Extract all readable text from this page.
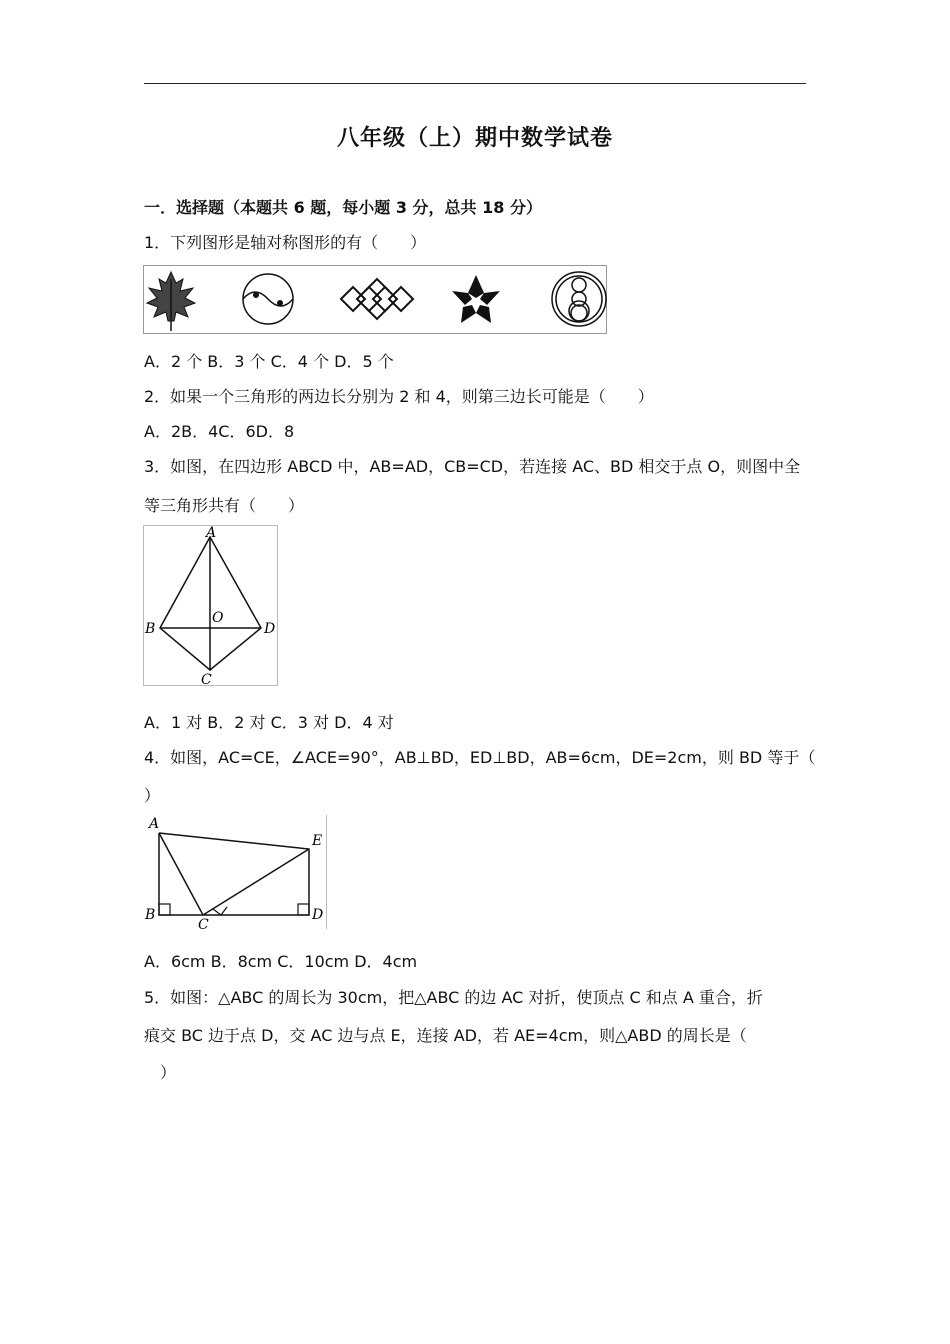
八年级（上）期中数学试卷
一．选择题（本题共 6 题，每小题 3 分，总共 18 分）
1．下列图形是轴对称图形的有（　　）
A．2 个 B．3 个 C．4 个 D．5 个
2．如果一个三角形的两边长分别为 2 和 4，则第三边长可能是（　　）
A．2B．4C．6D．8
3．如图，在四边形 ABCD 中，AB=AD，CB=CD，若连接 AC、BD 相交于点 O，则图中全
等三角形共有（　　）
A
B
C
D
O
A．1 对 B．2 对 C．3 对 D．4 对
4．如图，AC=CE，∠ACE=90°，AB⊥BD，ED⊥BD，AB=6cm，DE=2cm，则 BD 等于（
）
A
B
C
D
E
A．6cm B．8cm C．10cm D．4cm
5．如图：△ABC 的周长为 30cm，把△ABC 的边 AC 对折，使顶点 C 和点 A 重合，折
痕交 BC 边于点 D，交 AC 边与点 E，连接 AD，若 AE=4cm，则△ABD 的周长是（
）
